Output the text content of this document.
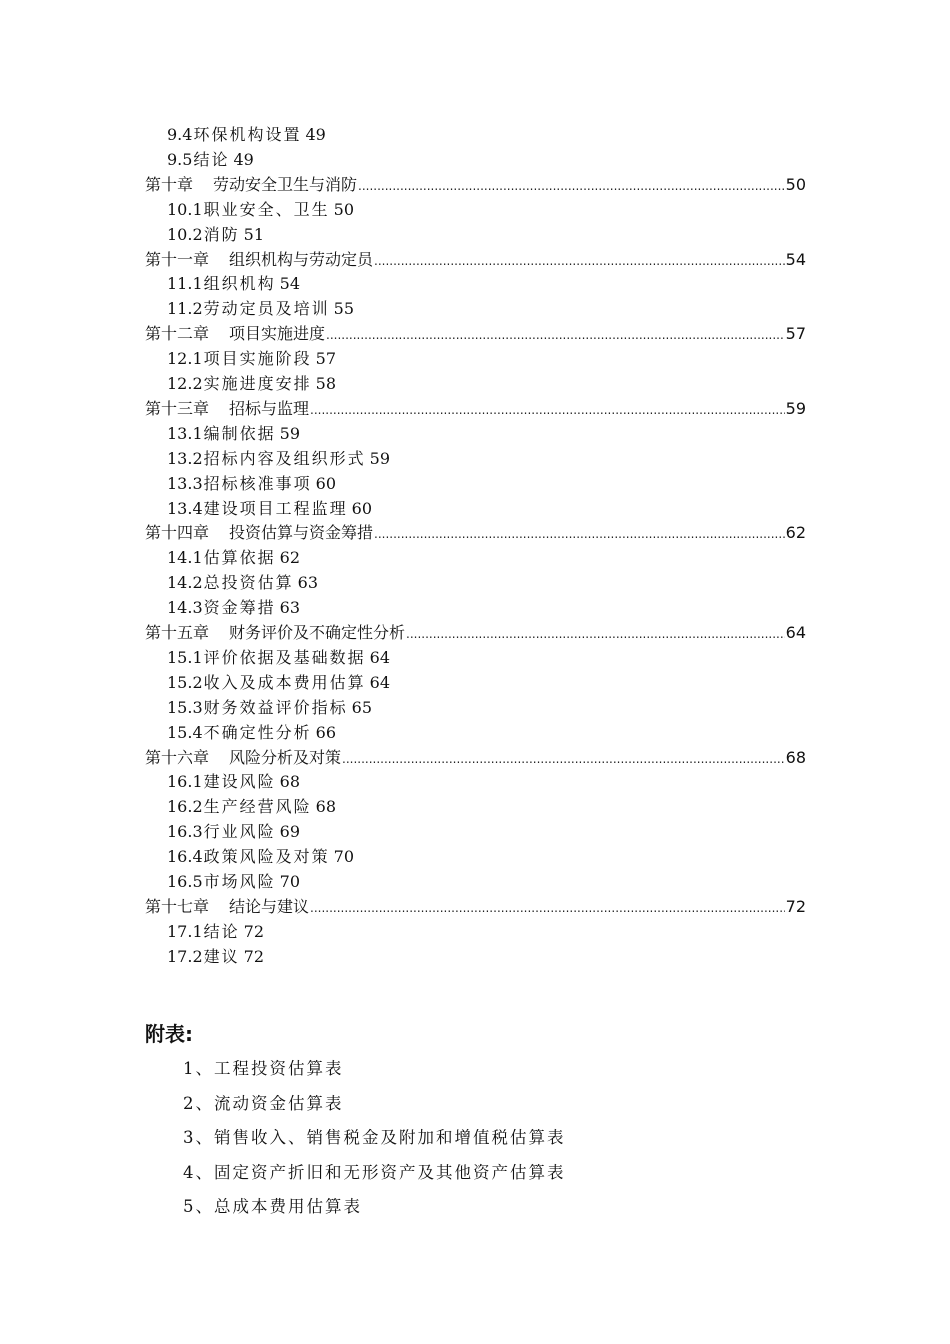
9.4环保机构设置 49
9.5结论 49
第十章 劳动安全卫生与消防 .....	50
10.1职业安全、卫生 50
10.2消防 51
第十一章 组织机构与劳动定员 .....	54
11.1组织机构 54
11.2劳动定员及培训 55
第十二章 项目实施进度 .....	57
12.1项目实施阶段 57
12.2实施进度安排 58
第十三章 招标与监理 .....	59
13.1编制依据 59
13.2招标内容及组织形式 59
13.3招标核准事项 60
13.4建设项目工程监理 60
第十四章 投资估算与资金筹措 .....	62
14.1估算依据 62
14.2总投资估算 63
14.3资金筹措 63
第十五章 财务评价及不确定性分析 .....	64
15.1评价依据及基础数据 64
15.2收入及成本费用估算 64
15.3财务效益评价指标 65
15.4不确定性分析 66
第十六章 风险分析及对策 .....	68
16.1建设风险 68
16.2生产经营风险 68
16.3行业风险 69
16.4政策风险及对策 70
16.5市场风险 70
第十七章 结论与建议 .....	72
17.1结论 72
17.2建议 72
附表:
1、工程投资估算表
2、流动资金估算表
3、销售收入、销售税金及附加和增值税估算表
4、固定资产折旧和无形资产及其他资产估算表
5、总成本费用估算表
